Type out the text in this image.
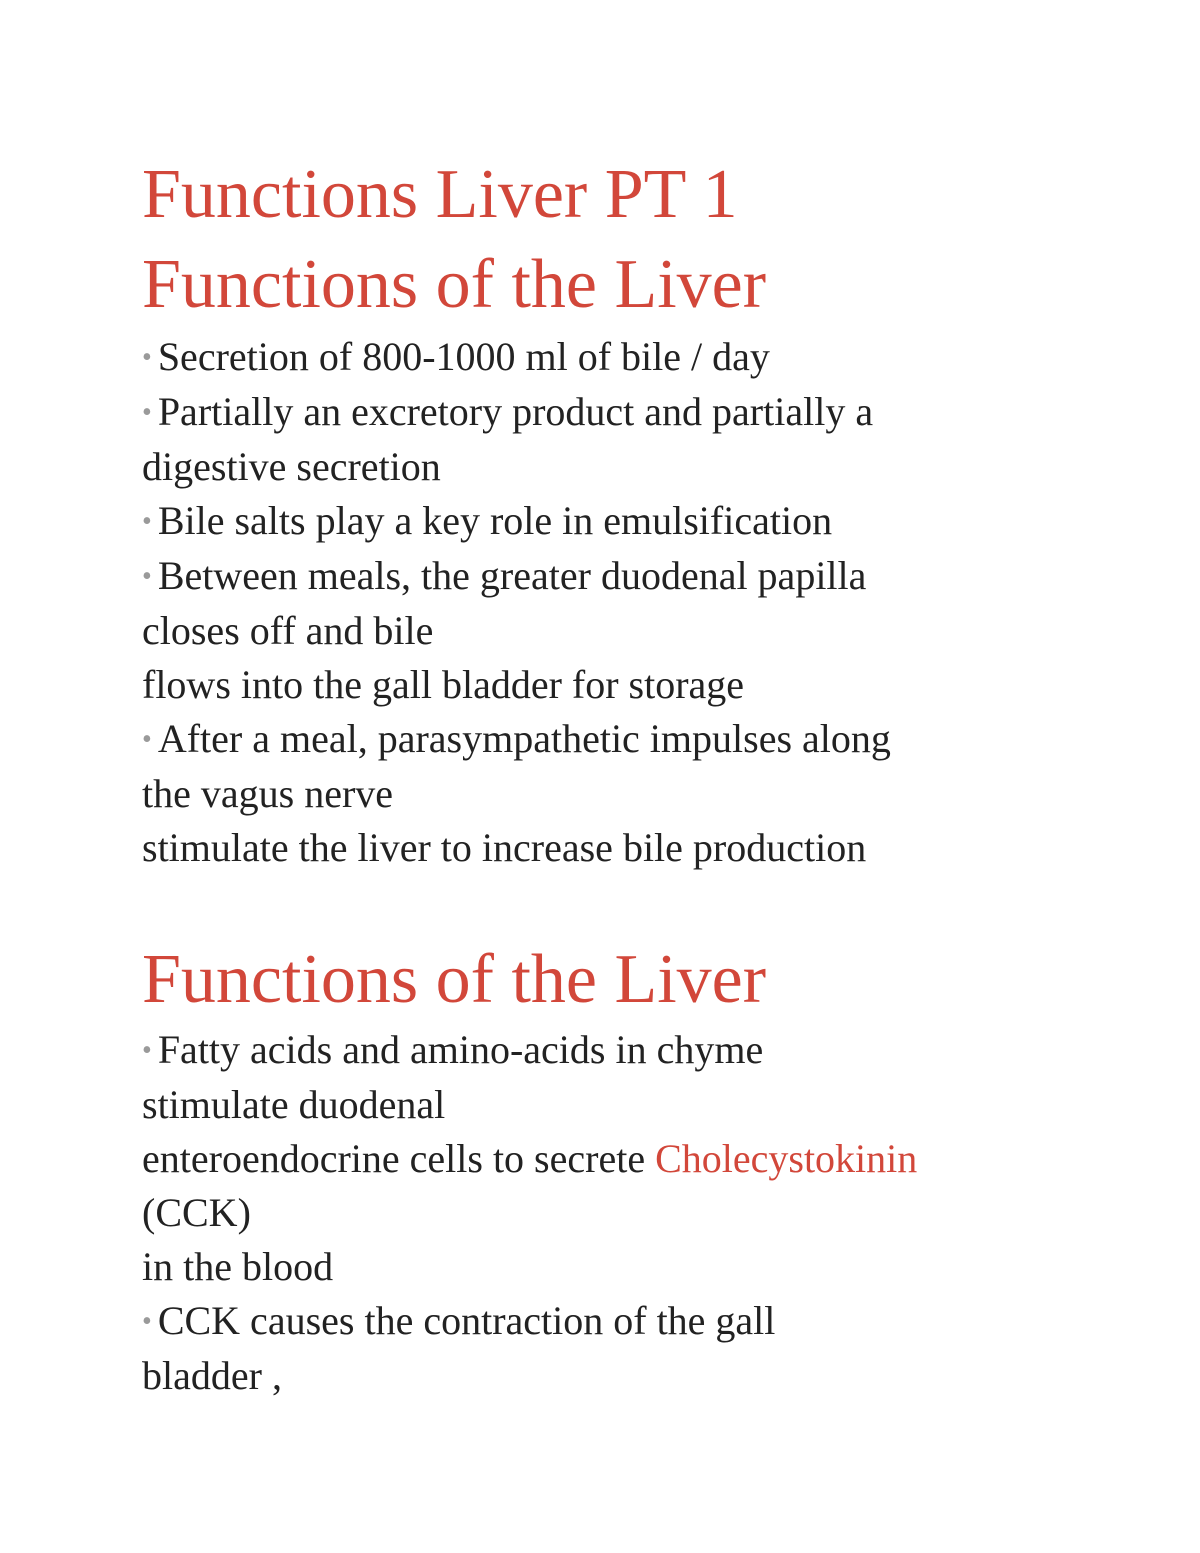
Functions Liver PT 1
Functions of the Liver

• Secretion of 800-1000 ml of bile / day

• Partially an excretory product and partially a

digestive secretion

• Bile salts play a key role in emulsification

• Between meals, the greater duodenal papilla

closes off and bile

flows into the gall bladder for storage

• After a meal, parasympathetic impulses along

the vagus nerve

stimulate the liver to increase bile production

Functions of the Liver

• Fatty acids and amino-acids in chyme

stimulate duodenal

enteroendocrine cells to secrete Cholecystokinin

(CCK)

in the blood

• CCK causes the contraction of the gall

bladder ,
